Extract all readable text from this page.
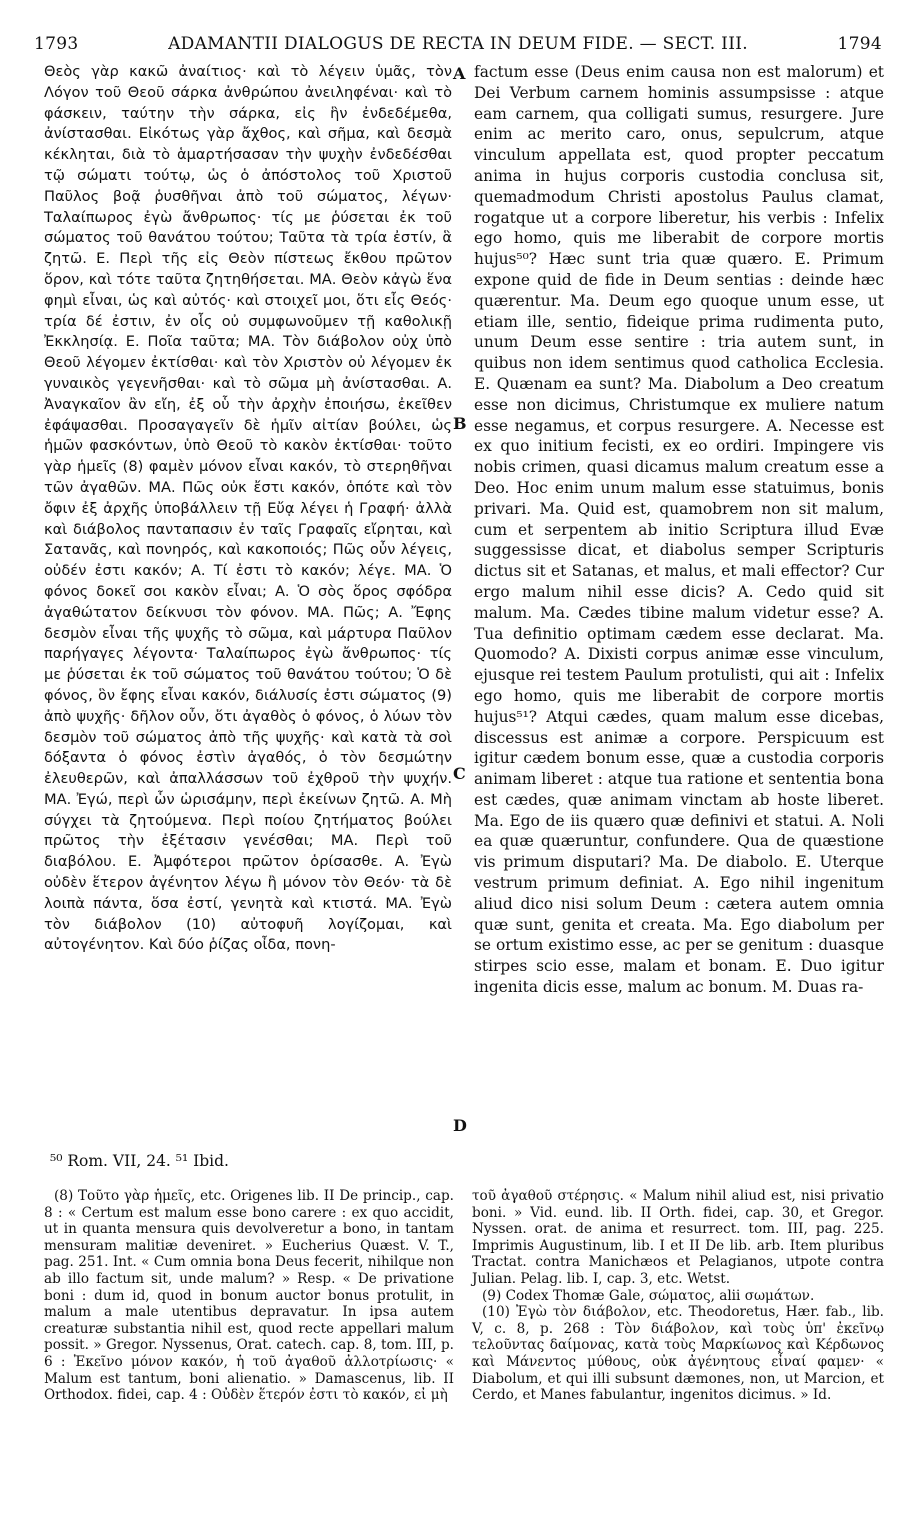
1793	ADAMANTII DIALOGUS DE RECTA IN DEUM FIDE. — SECT. III.	1794

Θεὸς γὰρ κακῶ ἀναίτιος· καὶ τὸ λέγειν ὑμᾶς, τὸν Λόγον τοῦ Θεοῦ σάρκα ἀνθρώπου ἀνειληφέναι· καὶ τὸ φάσκειν, ταύτην τὴν σάρκα, εἰς ἣν ἐνδεδέμεθα, ἀνίστασθαι. Εἰκότως γὰρ ἄχθος, καὶ σῆμα, καὶ δεσμὰ κέκληται, διὰ τὸ ἁμαρτήσασαν τὴν ψυχὴν ἐνδεδέσθαι τῷ σώματι τούτῳ, ὡς ὁ ἀπόστολος τοῦ Χριστοῦ Παῦλος βοᾷ ῥυσθῆναι ἀπὸ τοῦ σώματος, λέγων· Ταλαίπωρος ἐγὼ ἄνθρωπος· τίς με ῥύσεται ἐκ τοῦ σώματος τοῦ θανάτου τούτου; Ταῦτα τὰ τρία ἐστίν, ἃ ζητῶ. Ε. Περὶ τῆς εἰς Θεὸν πίστεως ἔκθου πρῶτον ὅρον, καὶ τότε ταῦτα ζητηθήσεται. ΜΑ. Θεὸν κἀγὼ ἕνα φημὶ εἶναι, ὡς καὶ αὐτός· καὶ στοιχεῖ μοι, ὅτι εἷς Θεός· τρία δέ ἐστιν, ἐν οἷς οὐ συμφωνοῦμεν τῇ καθολικῇ Ἐκκλησίᾳ. Ε. Ποῖα ταῦτα; ΜΑ. Τὸν διάβολον οὐχ ὑπὸ Θεοῦ λέγομεν ἐκτίσθαι· καὶ τὸν Χριστὸν οὐ λέγομεν ἐκ γυναικὸς γεγενῆσθαι· καὶ τὸ σῶμα μὴ ἀνίστασθαι. Α. Ἀναγκαῖον ἂν εἴη, ἐξ οὗ τὴν ἀρχὴν ἐποιήσω, ἐκεῖθεν ἐφάψασθαι. Προσαγαγεῖν δὲ ἡμῖν αἰτίαν βούλει, ὡς ἡμῶν φασκόντων, ὑπὸ Θεοῦ τὸ κακὸν ἐκτίσθαι· τοῦτο γὰρ ἡμεῖς (8) φαμὲν μόνον εἶναι κακόν, τὸ στερηθῆναι τῶν ἀγαθῶν. ΜΑ. Πῶς οὐκ ἔστι κακόν, ὁπότε καὶ τὸν ὄφιν ἐξ ἀρχῆς ὑποβάλλειν τῇ Εὔᾳ λέγει ἡ Γραφή· ἀλλὰ καὶ διάβολος πανταπασιν ἐν ταῖς Γραφαῖς εἴρηται, καὶ Σατανᾶς, καὶ πονηρός, καὶ κακοποιός; Πῶς οὖν λέγεις, οὐδέν ἐστι κακόν; Α. Τί ἐστι τὸ κακόν; λέγε. ΜΑ. Ὁ φόνος δοκεῖ σοι κακὸν εἶναι; Α. Ὁ σὸς ὅρος σφόδρα ἀγαθώτατον δείκνυσι τὸν φόνον. ΜΑ. Πῶς; Α. Ἔφης δεσμὸν εἶναι τῆς ψυχῆς τὸ σῶμα, καὶ μάρτυρα Παῦλον παρήγαγες λέγοντα· Ταλαίπωρος ἐγὼ ἄνθρωπος· τίς με ῥύσεται ἐκ τοῦ σώματος τοῦ θανάτου τούτου; Ὁ δὲ φόνος, ὃν ἔφης εἶναι κακόν, διάλυσίς ἐστι σώματος (9) ἀπὸ ψυχῆς· δῆλον οὖν, ὅτι ἀγαθὸς ὁ φόνος, ὁ λύων τὸν δεσμὸν τοῦ σώματος ἀπὸ τῆς ψυχῆς· καὶ κατὰ τὰ σοὶ δόξαντα ὁ φόνος ἐστὶν ἀγαθός, ὁ τὸν δεσμώτην ἐλευθερῶν, καὶ ἀπαλλάσσων τοῦ ἐχθροῦ τὴν ψυχήν. ΜΑ. Ἐγώ, περὶ ὧν ὡρισάμην, περὶ ἐκείνων ζητῶ. Α. Μὴ σύγχει τὰ ζητούμενα. Περὶ ποίου ζητήματος βούλει πρῶτος τὴν ἐξέτασιν γενέσθαι; ΜΑ. Περὶ τοῦ διαβόλου. Ε. Ἀμφότεροι πρῶτον ὁρίσασθε. Α. Ἐγὼ οὐδὲν ἕτερον ἀγένητον λέγω ἢ μόνον τὸν Θεόν· τὰ δὲ λοιπὰ πάντα, ὅσα ἐστί, γενητὰ καὶ κτιστά. ΜΑ. Ἐγὼ τὸν διάβολον (10) αὐτοφυῆ λογίζομαι, καὶ αὐτογένητον. Καὶ δύο ῥίζας οἶδα, πονη-

A
B
C
D

factum esse (Deus enim causa non est malorum) et Dei Verbum carnem hominis assumpsisse : atque eam carnem, qua colligati sumus, resurgere. Jure enim ac merito caro, onus, sepulcrum, atque vinculum appellata est, quod propter peccatum anima in hujus corporis custodia conclusa sit, quemadmodum Christi apostolus Paulus clamat, rogatque ut a corpore liberetur, his verbis : Infelix ego homo, quis me liberabit de corpore mortis hujus⁵⁰? Hæc sunt tria quæ quæro. E. Primum expone quid de fide in Deum sentias : deinde hæc quærentur. Ma. Deum ego quoque unum esse, ut etiam ille, sentio, fideique prima rudimenta puto, unum Deum esse sentire : tria autem sunt, in quibus non idem sentimus quod catholica Ecclesia. E. Quænam ea sunt? Ma. Diabolum a Deo creatum esse non dicimus, Christumque ex muliere natum esse negamus, et corpus resurgere. A. Necesse est ex quo initium fecisti, ex eo ordiri. Impingere vis nobis crimen, quasi dicamus malum creatum esse a Deo. Hoc enim unum malum esse statuimus, bonis privari. Ma. Quid est, quamobrem non sit malum, cum et serpentem ab initio Scriptura illud Evæ suggessisse dicat, et diabolus semper Scripturis dictus sit et Satanas, et malus, et mali effector? Cur ergo malum nihil esse dicis? A. Cedo quid sit malum. Ma. Cædes tibine malum videtur esse? A. Tua definitio optimam cædem esse declarat. Ma. Quomodo? A. Dixisti corpus animæ esse vinculum, ejusque rei testem Paulum protulisti, qui ait : Infelix ego homo, quis me liberabit de corpore mortis hujus⁵¹? Atqui cædes, quam malum esse dicebas, discessus est animæ a corpore. Perspicuum est igitur cædem bonum esse, quæ a custodia corporis animam liberet : atque tua ratione et sententia bona est cædes, quæ animam vinctam ab hoste liberet. Ma. Ego de iis quæro quæ definivi et statui. A. Noli ea quæ quæruntur, confundere. Qua de quæstione vis primum disputari? Ma. De diabolo. E. Uterque vestrum primum definiat. A. Ego nihil ingenitum aliud dico nisi solum Deum : cætera autem omnia quæ sunt, genita et creata. Ma. Ego diabolum per se ortum existimo esse, ac per se genitum : duasque stirpes scio esse, malam et bonam. E. Duo igitur ingenita dicis esse, malum ac bonum. M. Duas ra-

⁵⁰ Rom. VII, 24. ⁵¹ Ibid.

(8) Τοῦτο γὰρ ἡμεῖς, etc. Origenes lib. II De princip., cap. 8 : « Certum est malum esse bono carere : ex quo accidit, ut in quanta mensura quis devolveretur a bono, in tantam mensuram malitiæ deveniret. » Eucherius Quæst. V. T., pag. 251. Int. « Cum omnia bona Deus fecerit, nihilque non ab illo factum sit, unde malum? » Resp. « De privatione boni : dum id, quod in bonum auctor bonus protulit, in malum a male utentibus depravatur. In ipsa autem creaturæ substantia nihil est, quod recte appellari malum possit. » Gregor. Nyssenus, Orat. catech. cap. 8, tom. III, p. 6 : Ἐκεῖνο μόνον κακόν, ἡ τοῦ ἀγαθοῦ ἀλλοτρίωσις· « Malum est tantum, boni alienatio. » Damascenus, lib. II Orthodox. fidei, cap. 4 : Οὐδὲν ἕτερόν ἐστι τὸ κακόν, εἰ μὴ

τοῦ ἀγαθοῦ στέρησις. « Malum nihil aliud est, nisi privatio boni. » Vid. eund. lib. II Orth. fidei, cap. 30, et Gregor. Nyssen. orat. de anima et resurrect. tom. III, pag. 225. Imprimis Augustinum, lib. I et II De lib. arb. Item pluribus Tractat. contra Manichæos et Pelagianos, utpote contra Julian. Pelag. lib. I, cap. 3, etc. Wetst.

(9) Codex Thomæ Gale, σώματος, alii σωμάτων.

(10) Ἐγὼ τὸν διάβολον, etc. Theodoretus, Hær. fab., lib. V, c. 8, p. 268 : Τὸν διάβολον, καὶ τοὺς ὑπ' ἐκεῖνῳ τελοῦντας δαίμονας, κατὰ τοὺς Μαρκίωνος καὶ Κέρδωνος καὶ Μάνεντος μύθους, οὐκ ἀγένητους εἶναί φαμεν· « Diabolum, et qui illi subsunt dæmones, non, ut Marcion, et Cerdo, et Manes fabulantur, ingenitos dicimus. » Id.
